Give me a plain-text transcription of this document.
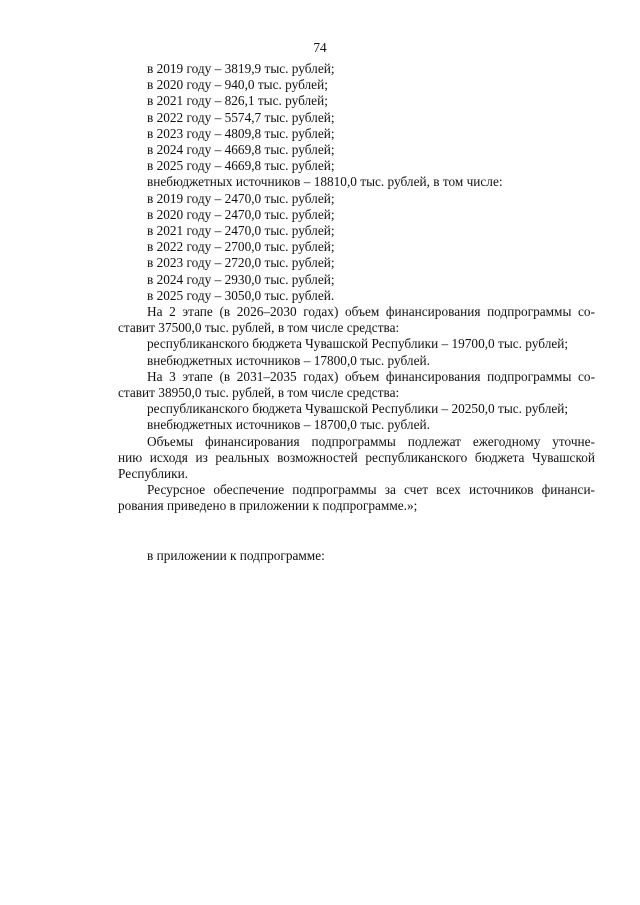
74
в 2019 году – 3819,9 тыс. рублей;
в 2020 году – 940,0 тыс. рублей;
в 2021 году – 826,1 тыс. рублей;
в 2022 году – 5574,7 тыс. рублей;
в 2023 году – 4809,8 тыс. рублей;
в 2024 году – 4669,8 тыс. рублей;
в 2025 году – 4669,8 тыс. рублей;
внебюджетных источников – 18810,0 тыс. рублей, в том числе:
в 2019 году – 2470,0 тыс. рублей;
в 2020 году – 2470,0 тыс. рублей;
в 2021 году – 2470,0 тыс. рублей;
в 2022 году – 2700,0 тыс. рублей;
в 2023 году – 2720,0 тыс. рублей;
в 2024 году – 2930,0 тыс. рублей;
в 2025 году – 3050,0 тыс. рублей.
На 2 этапе (в 2026–2030 годах) объем финансирования подпрограммы со-
ставит 37500,0 тыс. рублей, в том числе средства:
республиканского бюджета Чувашской Республики – 19700,0 тыс. рублей;
внебюджетных источников – 17800,0 тыс. рублей.
На 3 этапе (в 2031–2035 годах) объем финансирования подпрограммы со-
ставит 38950,0 тыс. рублей, в том числе средства:
республиканского бюджета Чувашской Республики – 20250,0 тыс. рублей;
внебюджетных источников – 18700,0 тыс. рублей.
Объемы финансирования подпрограммы подлежат ежегодному уточне-
нию исходя из реальных возможностей республиканского бюджета Чувашской
Республики.
Ресурсное обеспечение подпрограммы за счет всех источников финанси-
рования приведено в приложении к подпрограмме.»;
в приложении к подпрограмме:
